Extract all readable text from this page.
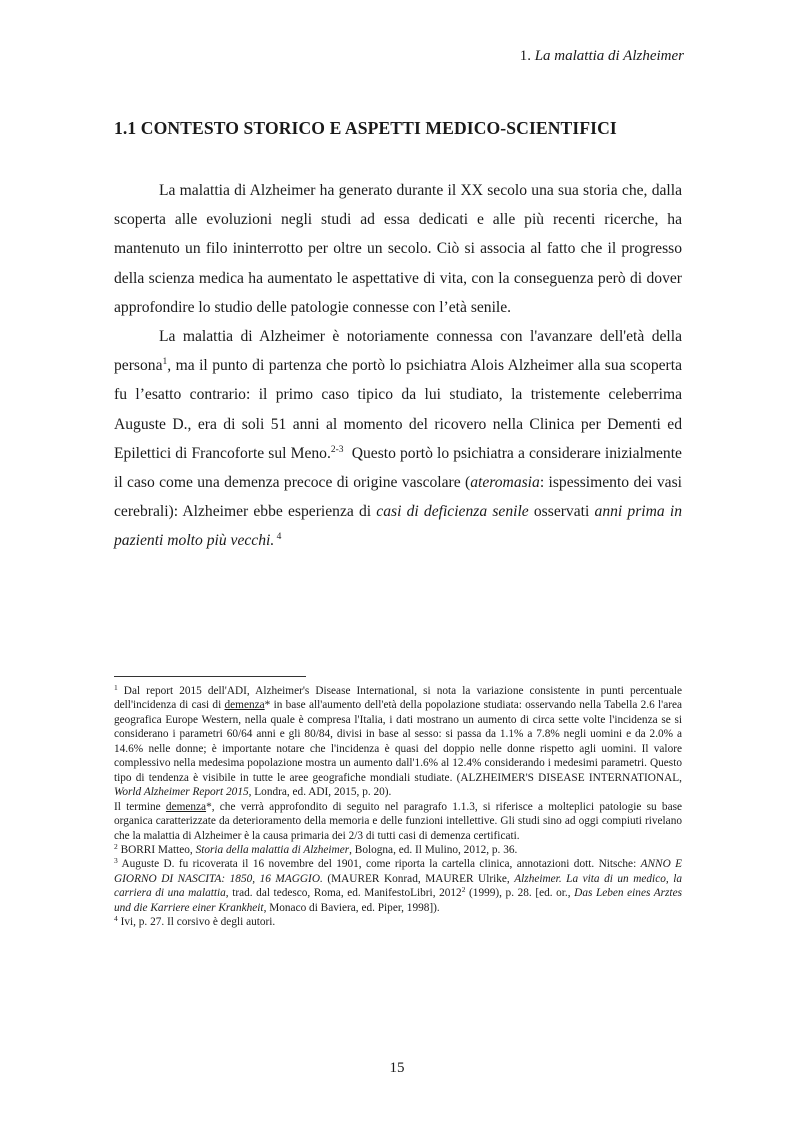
1. La malattia di Alzheimer
1.1 CONTESTO STORICO E ASPETTI MEDICO-SCIENTIFICI

La malattia di Alzheimer ha generato durante il XX secolo una sua storia che, dalla scoperta alle evoluzioni negli studi ad essa dedicati e alle più recenti ricerche, ha mantenuto un filo ininterrotto per oltre un secolo. Ciò si associa al fatto che il progresso della scienza medica ha aumentato le aspettative di vita, con la conseguenza però di dover approfondire lo studio delle patologie connesse con l’età senile.

La malattia di Alzheimer è notoriamente connessa con l'avanzare dell'età della persona$^1$, ma il punto di partenza che portò lo psichiatra Alois Alzheimer alla sua scoperta fu l’esatto contrario: il primo caso tipico da lui studiato, la tristemente celeberrima Auguste D., era di soli 51 anni al momento del ricovero nella Clinica per Dementi ed Epilettici di Francoforte sul Meno.$^{2-3}$  Questo portò lo psichiatra a considerare inizialmente il caso come una demenza precoce di origine vascolare (ateromasia: ispessimento dei vasi cerebrali): Alzheimer ebbe esperienza di casi di deficienza senile osservati anni prima in pazienti molto più vecchi. $^4$

$^1$ Dal report 2015 dell'ADI, Alzheimer's Disease International, si nota la variazione consistente in punti percentuale dell'incidenza di casi di demenza* in base all'aumento dell'età della popolazione studiata: osservando nella Tabella 2.6 l'area geografica Europe Western, nella quale è compresa l'Italia, i dati mostrano un aumento di circa sette volte l'incidenza se si considerano i parametri 60/64 anni e gli 80/84, divisi in base al sesso: si passa da 1.1% a 7.8% negli uomini e da 2.0% a 14.6% nelle donne; è importante notare che l'incidenza è quasi del doppio nelle donne rispetto agli uomini. Il valore complessivo nella medesima popolazione mostra un aumento dall'1.6% al 12.4% considerando i medesimi parametri. Questo tipo di tendenza è visibile in tutte le aree geografiche mondiali studiate. (ALZHEIMER'S DISEASE INTERNATIONAL, World Alzheimer Report 2015, Londra, ed. ADI, 2015, p. 20).

Il termine demenza*, che verrà approfondito di seguito nel paragrafo 1.1.3, si riferisce a molteplici patologie su base organica caratterizzate da deterioramento della memoria e delle funzioni intellettive. Gli studi sino ad oggi compiuti rivelano che la malattia di Alzheimer è la causa primaria dei 2/3 di tutti casi di demenza certificati.

$^2$ BORRI Matteo, Storia della malattia di Alzheimer, Bologna, ed. Il Mulino, 2012, p. 36.

$^3$ Auguste D. fu ricoverata il 16 novembre del 1901, come riporta la cartella clinica, annotazioni dott. Nitsche: ANNO E GIORNO DI NASCITA: 1850, 16 MAGGIO. (MAURER Konrad, MAURER Ulrike, Alzheimer. La vita di un medico, la carriera di una malattia, trad. dal tedesco, Roma, ed. ManifestoLibri, 2012$^2$ (1999), p. 28. [ed. or., Das Leben eines Arztes und die Karriere einer Krankheit, Monaco di Baviera, ed. Piper, 1998]).

$^4$ Ivi, p. 27. Il corsivo è degli autori.

15
